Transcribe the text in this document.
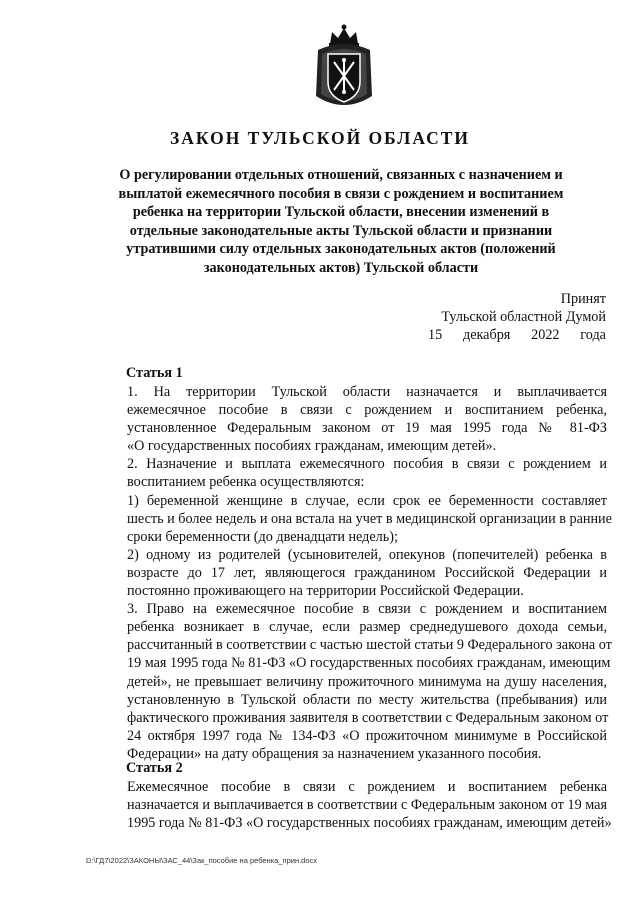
ЗАКОН ТУЛЬСКОЙ ОБЛАСТИ
О регулировании отдельных отношений, связанных с назначением и
выплатой ежемесячного пособия в связи с рождением и воспитанием
ребенка на территории Тульской области, внесении изменений в
отдельные законодательные акты Тульской области и признании
утратившими силу отдельных законодательных актов (положений
законодательных актов) Тульской области
Принят
Тульской областной Думой
15 декабря 2022 года
Статья 1

1. На территории Тульской области назначается и выплачивается
ежемесячное пособие в связи с рождением и воспитанием ребенка,
установленное Федеральным законом от 19 мая 1995 года № 81-ФЗ
«О государственных пособиях гражданам, имеющим детей».

2. Назначение и выплата ежемесячного пособия в связи с рождением и
воспитанием ребенка осуществляются:

1) беременной женщине в случае, если срок ее беременности составляет
шесть и более недель и она встала на учет в медицинской организации в ранние
сроки беременности (до двенадцати недель);

2) одному из родителей (усыновителей, опекунов (попечителей) ребенка в
возрасте до 17 лет, являющегося гражданином Российской Федерации и
постоянно проживающего на территории Российской Федерации.

3. Право на ежемесячное пособие в связи с рождением и воспитанием
ребенка возникает в случае, если размер среднедушевого дохода семьи,
рассчитанный в соответствии с частью шестой статьи 9 Федерального закона от
19 мая 1995 года № 81-ФЗ «О государственных пособиях гражданам, имеющим
детей», не превышает величину прожиточного минимума на душу населения,
установленную в Тульской области по месту жительства (пребывания) или
фактического проживания заявителя в соответствии с Федеральным законом от
24 октября 1997 года № 134-ФЗ «О прожиточном минимуме в Российской
Федерации» на дату обращения за назначением указанного пособия.

Статья 2

Ежемесячное пособие в связи с рождением и воспитанием ребенка
назначается и выплачивается в соответствии с Федеральным законом от 19 мая
1995 года № 81-ФЗ «О государственных пособиях гражданам, имеющим детей»

D:\ГД7\2022\ЗАКОНЫ\ЗАС_44\Зак_пособие на ребенка_прин.docx
